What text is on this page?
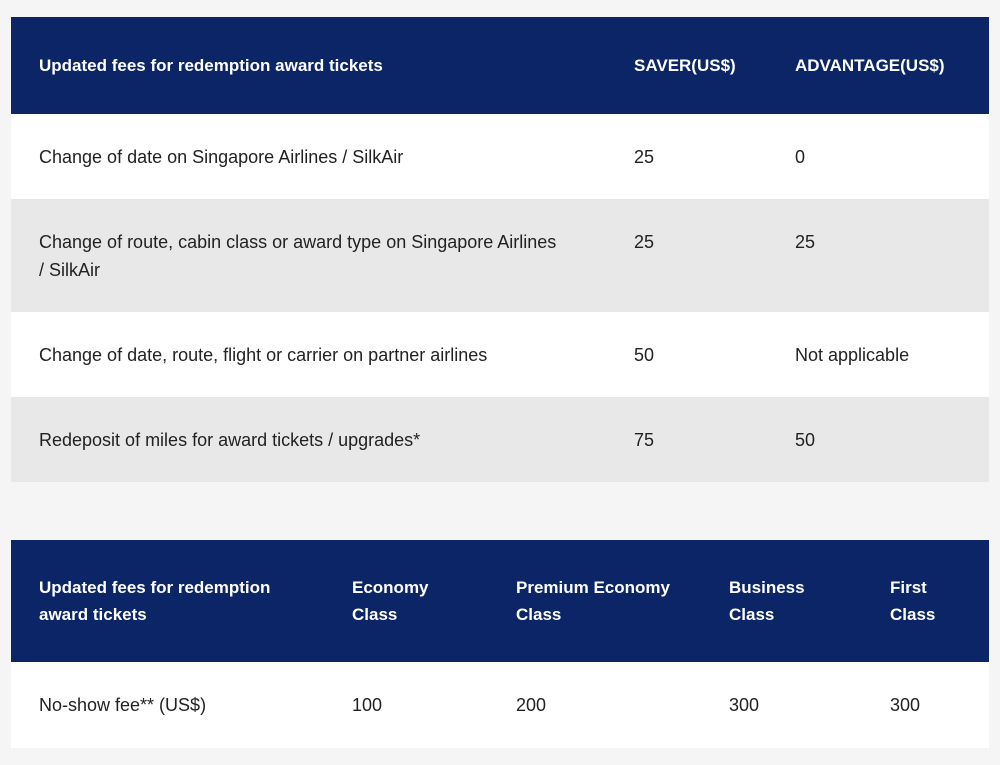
Updated fees for redemption award tickets	SAVER(US$)	ADVANTAGE(US$)
Change of date on Singapore Airlines / SilkAir	25	0

Change of route, cabin class or award type on Singapore Airlines / SilkAir	25	25
Change of date, route, flight or carrier on partner airlines	50	Not applicable
Redeposit of miles for award tickets / upgrades*	75	50
Updated fees for redemption award tickets	Economy Class	Premium Economy Class	Business Class	First Class

No-show fee** (US$)	100	200	300	300
